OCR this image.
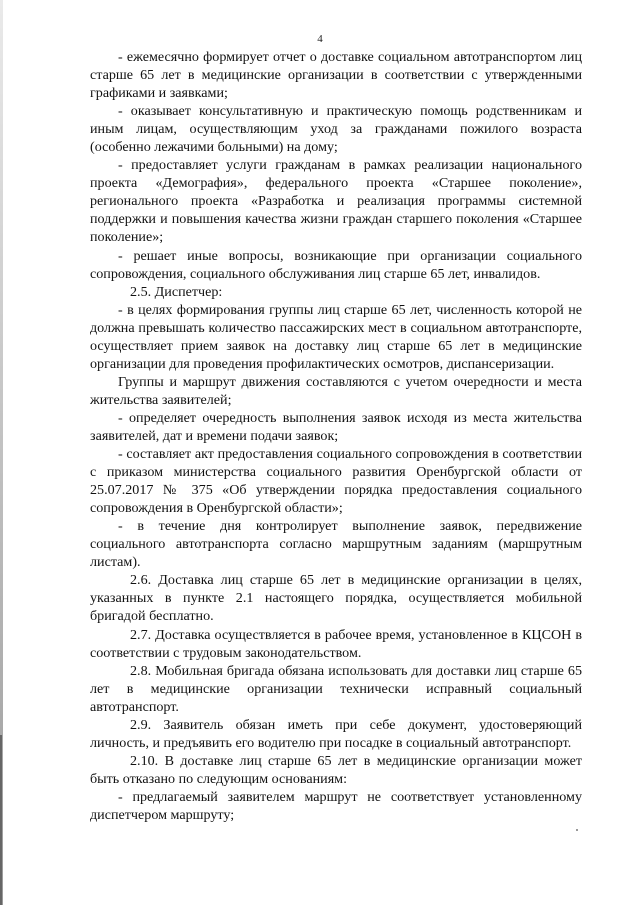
4

- ежемесячно формирует отчет о доставке социальном автотранспортом лиц старше 65 лет в медицинские организации в соответствии с утвержденными графиками и заявками;

- оказывает консультативную и практическую помощь родственникам и иным лицам, осуществляющим уход за гражданами пожилого возраста (особенно лежачими больными) на дому;

- предоставляет услуги гражданам в рамках реализации национального проекта «Демография», федерального проекта «Старшее поколение», регионального проекта «Разработка и реализация программы системной поддержки и повышения качества жизни граждан старшего поколения «Старшее поколение»;

- решает иные вопросы, возникающие при организации социального сопровождения, социального обслуживания лиц старше 65 лет, инвалидов.

2.5. Диспетчер:

- в целях формирования группы лиц старше 65 лет, численность которой не должна превышать количество пассажирских мест в социальном автотранспорте, осуществляет прием заявок на доставку лиц старше 65 лет в медицинские организации для проведения профилактических осмотров, диспансеризации.

Группы и маршрут движения составляются с учетом очередности и места жительства заявителей;

- определяет очередность выполнения заявок исходя из места жительства заявителей, дат и времени подачи заявок;

- составляет акт предоставления социального сопровождения в соответствии с приказом министерства социального развития Оренбургской области от 25.07.2017 № 375 «Об утверждении порядка предоставления социального сопровождения в Оренбургской области»;

- в течение дня контролирует выполнение заявок, передвижение социального автотранспорта согласно маршрутным заданиям (маршрутным листам).

2.6. Доставка лиц старше 65 лет в медицинские организации в целях, указанных в пункте 2.1 настоящего порядка, осуществляется мобильной бригадой бесплатно.

2.7. Доставка осуществляется в рабочее время, установленное в КЦСОН в соответствии с трудовым законодательством.

2.8. Мобильная бригада обязана использовать для доставки лиц старше 65 лет в медицинские организации технически исправный социальный автотранспорт.

2.9. Заявитель обязан иметь при себе документ, удостоверяющий личность, и предъявить его водителю при посадке в социальный автотранспорт.

2.10. В доставке лиц старше 65 лет в медицинские организации может быть отказано по следующим основаниям:

- предлагаемый заявителем маршрут не соответствует установленному диспетчером маршруту;
